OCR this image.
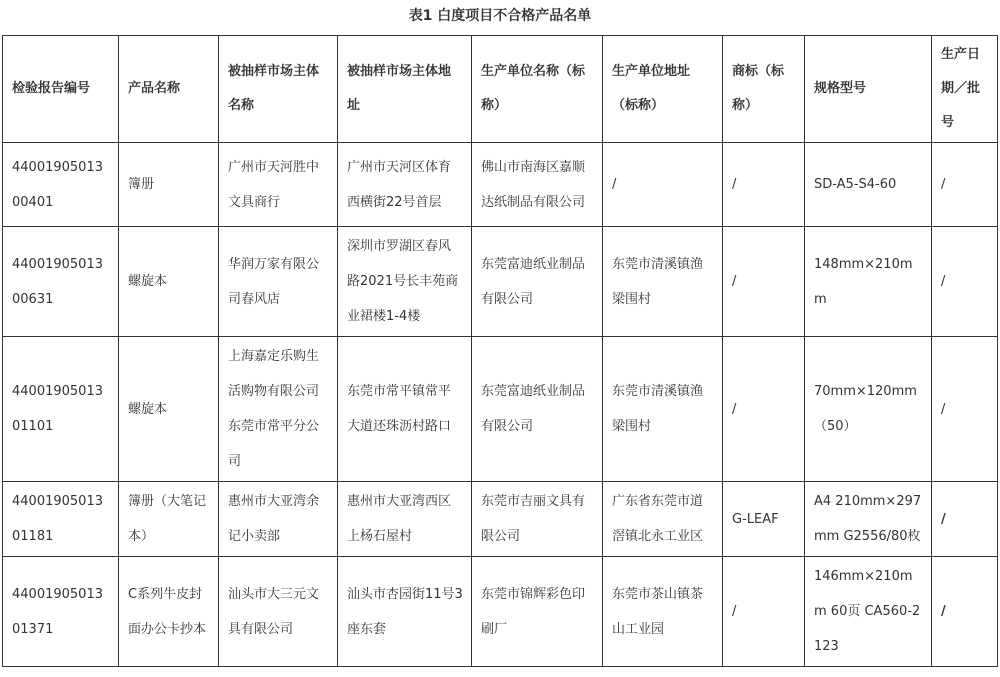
表1 白度项目不合格产品名单
检验报告编号	产品名称	被抽样市场主体名称	被抽样市场主体地址	生产单位名称（标称）	生产单位地址（标称）	商标（标称）	规格型号	生产日期／批号
4400190501300401	簿册	广州市天河胜中文具商行	广州市天河区体育西横街22号首层	佛山市南海区嘉顺达纸制品有限公司	/	/	SD-A5-S4-60	/
4400190501300631	螺旋本	华润万家有限公司春风店	深圳市罗湖区春风路2021号长丰苑商业裙楼1-4楼	东莞富迪纸业制品有限公司	东莞市清溪镇渔梁围村	/	148mm×210mm	/
4400190501301101	螺旋本	上海嘉定乐购生活购物有限公司东莞市常平分公司	东莞市常平镇常平大道还珠沥村路口	东莞富迪纸业制品有限公司	东莞市清溪镇渔梁围村	/	70mm×120mm（50）	/
4400190501301181	簿册（大笔记本）	惠州市大亚湾余记小卖部	惠州市大亚湾西区上杨石屋村	东莞市吉丽文具有限公司	广东省东莞市道滘镇北永工业区	G-LEAF	A4 210mm×297mm G2556/80枚	/
4400190501301371	C系列牛皮封面办公卡抄本	汕头市大三元文具有限公司	汕头市杏园街11号3座东套	东莞市锦辉彩色印刷厂	东莞市茶山镇茶山工业园	/	146mm×210mm 60页 CA560-2123	/
